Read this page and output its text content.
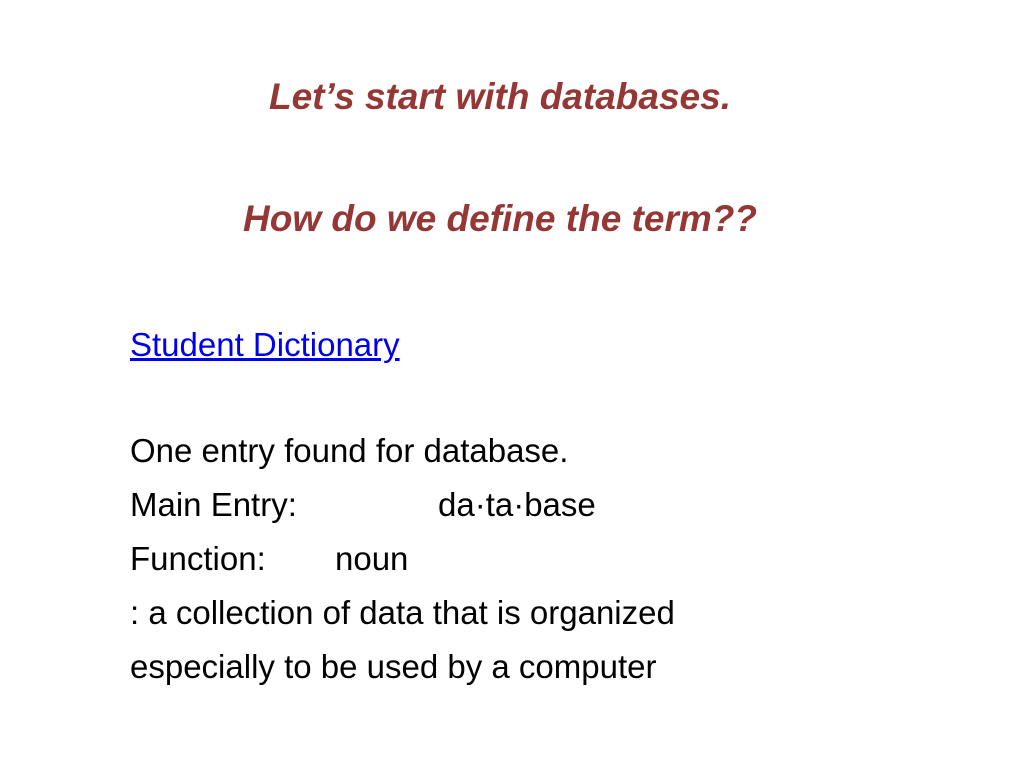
Let’s start with databases.
How do we define the term??
Student Dictionary
One entry found for database.
Main Entry:	da·ta·base
Function: noun
: a collection of data that is organized
especially to be used by a computer
